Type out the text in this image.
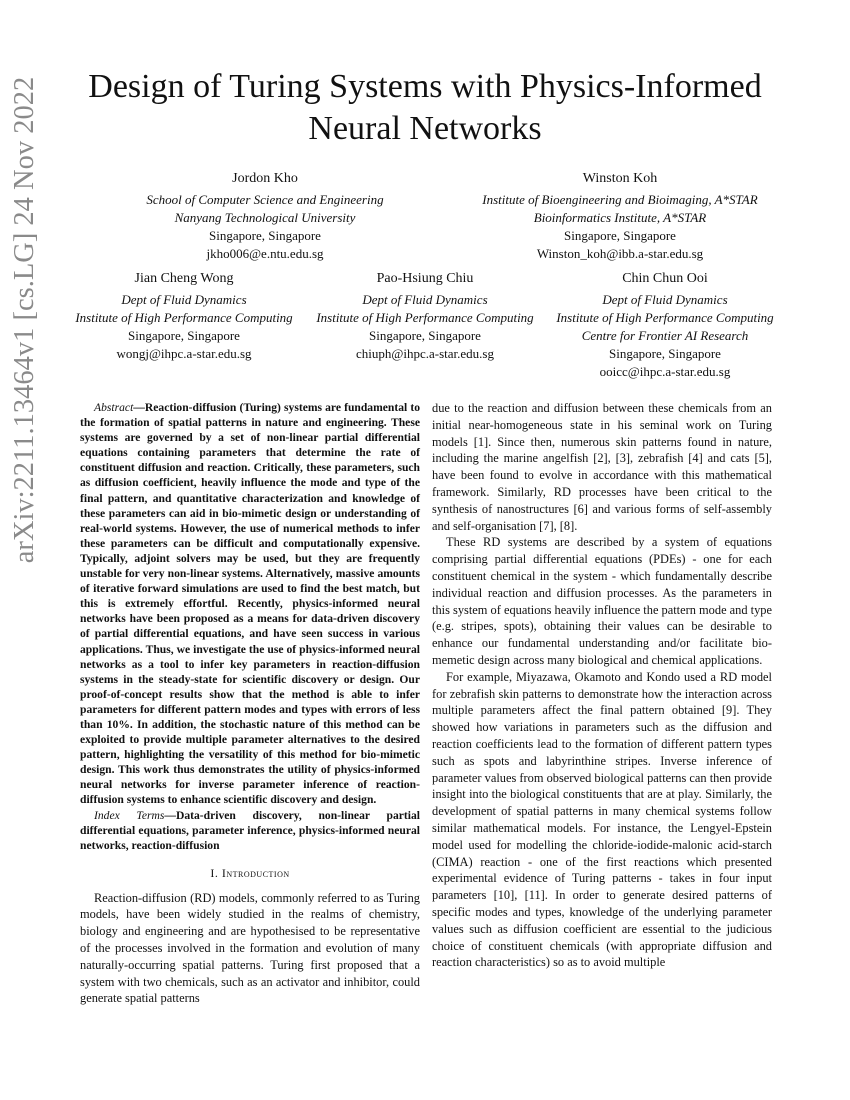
arXiv:2211.13464v1 [cs.LG] 24 Nov 2022	Design of Turing Systems with Physics-Informed Neural Networks
Jordon Kho
School of Computer Science and Engineering
Nanyang Technological University
Singapore, Singapore
jkho006@e.ntu.edu.sg
Winston Koh
Institute of Bioengineering and Bioimaging, A*STAR
Bioinformatics Institute, A*STAR
Singapore, Singapore
Winston_koh@ibb.a-star.edu.sg
Jian Cheng Wong
Dept of Fluid Dynamics
Institute of High Performance Computing
Singapore, Singapore
wongj@ihpc.a-star.edu.sg
Pao-Hsiung Chiu
Dept of Fluid Dynamics
Institute of High Performance Computing
Singapore, Singapore
chiuph@ihpc.a-star.edu.sg
Chin Chun Ooi
Dept of Fluid Dynamics
Institute of High Performance Computing
Centre for Frontier AI Research
Singapore, Singapore
ooicc@ihpc.a-star.edu.sg

Abstract—Reaction-diffusion (Turing) systems are fundamental to the formation of spatial patterns in nature and engineering. These systems are governed by a set of non-linear partial differential equations containing parameters that determine the rate of constituent diffusion and reaction. Critically, these parameters, such as diffusion coefficient, heavily influence the mode and type of the final pattern, and quantitative characterization and knowledge of these parameters can aid in bio-mimetic design or understanding of real-world systems. However, the use of numerical methods to infer these parameters can be difficult and computationally expensive. Typically, adjoint solvers may be used, but they are frequently unstable for very non-linear systems. Alternatively, massive amounts of iterative forward simulations are used to find the best match, but this is extremely effortful. Recently, physics-informed neural networks have been proposed as a means for data-driven discovery of partial differential equations, and have seen success in various applications. Thus, we investigate the use of physics-informed neural networks as a tool to infer key parameters in reaction-diffusion systems in the steady-state for scientific discovery or design. Our proof-of-concept results show that the method is able to infer parameters for different pattern modes and types with errors of less than 10%. In addition, the stochastic nature of this method can be exploited to provide multiple parameter alternatives to the desired pattern, highlighting the versatility of this method for bio-mimetic design. This work thus demonstrates the utility of physics-informed neural networks for inverse parameter inference of reaction-diffusion systems to enhance scientific discovery and design.

Index Terms—Data-driven discovery, non-linear partial differential equations, parameter inference, physics-informed neural networks, reaction-diffusion

I. Introduction

Reaction-diffusion (RD) models, commonly referred to as Turing models, have been widely studied in the realms of chemistry, biology and engineering and are hypothesised to be representative of the processes involved in the formation and evolution of many naturally-occurring spatial patterns. Turing first proposed that a system with two chemicals, such as an activator and inhibitor, could generate spatial patterns

due to the reaction and diffusion between these chemicals from an initial near-homogeneous state in his seminal work on Turing models [1]. Since then, numerous skin patterns found in nature, including the marine angelfish [2], [3], zebrafish [4] and cats [5], have been found to evolve in accordance with this mathematical framework. Similarly, RD processes have been critical to the synthesis of nanostructures [6] and various forms of self-assembly and self-organisation [7], [8].

These RD systems are described by a system of equations comprising partial differential equations (PDEs) - one for each constituent chemical in the system - which fundamentally describe individual reaction and diffusion processes. As the parameters in this system of equations heavily influence the pattern mode and type (e.g. stripes, spots), obtaining their values can be desirable to enhance our fundamental understanding and/or facilitate bio-memetic design across many biological and chemical applications.

For example, Miyazawa, Okamoto and Kondo used a RD model for zebrafish skin patterns to demonstrate how the interaction across multiple parameters affect the final pattern obtained [9]. They showed how variations in parameters such as the diffusion and reaction coefficients lead to the formation of different pattern types such as spots and labyrinthine stripes. Inverse inference of parameter values from observed biological patterns can then provide insight into the biological constituents that are at play. Similarly, the development of spatial patterns in many chemical systems follow similar mathematical models. For instance, the Lengyel-Epstein model used for modelling the chloride-iodide-malonic acid-starch (CIMA) reaction - one of the first reactions which presented experimental evidence of Turing patterns - takes in four input parameters [10], [11]. In order to generate desired patterns of specific modes and types, knowledge of the underlying parameter values such as diffusion coefficient are essential to the judicious choice of constituent chemicals (with appropriate diffusion and reaction characteristics) so as to avoid multiple
